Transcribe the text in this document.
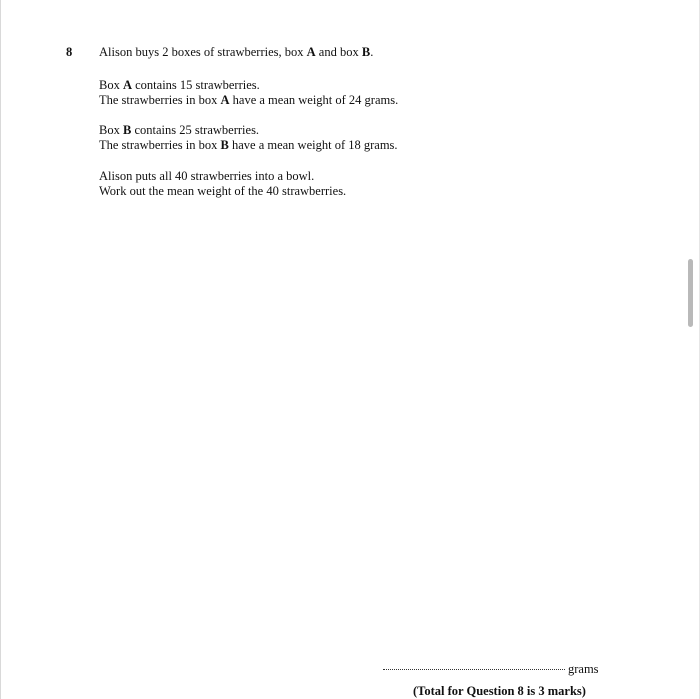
8 Alison buys 2 boxes of strawberries, box A and box B.
Box A contains 15 strawberries.
The strawberries in box A have a mean weight of 24 grams.
Box B contains 25 strawberries.
The strawberries in box B have a mean weight of 18 grams.
Alison puts all 40 strawberries into a bowl.
Work out the mean weight of the 40 strawberries.
grams
(Total for Question 8 is 3 marks)
